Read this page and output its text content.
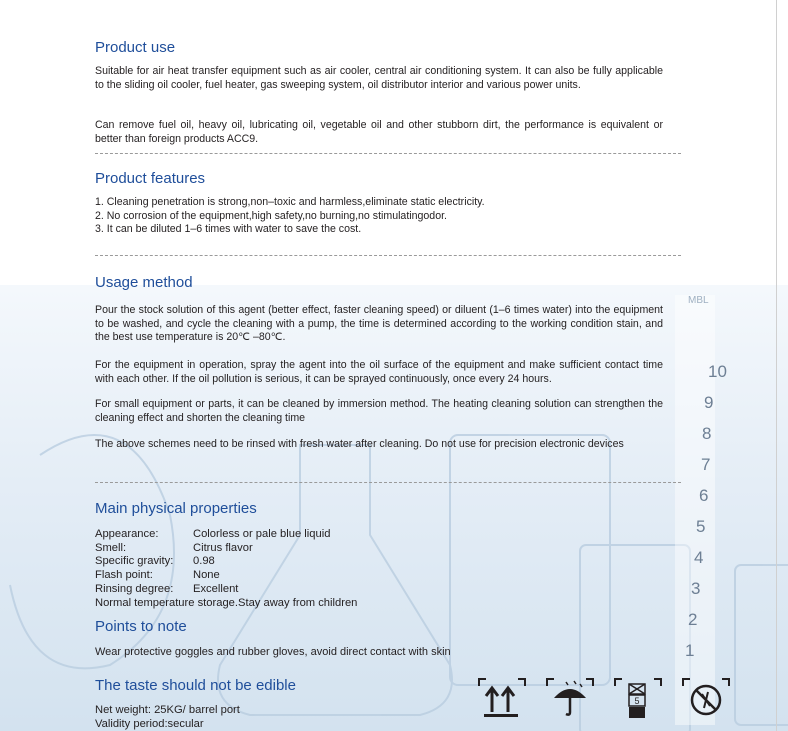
10
9
8
7
6
5
4
3
2
1
MBL
Product use

Suitable for air heat transfer equipment such as air cooler, central air conditioning system. It can also be fully applicable to the sliding oil cooler, fuel heater, gas sweeping system, oil distributor interior and various power units.

Can remove fuel oil, heavy oil, lubricating oil, vegetable oil and other stubborn dirt, the performance is equivalent or better than foreign products ACC9.

Product features
1. Cleaning penetration is strong,non–toxic and harmless,eliminate static electricity.
2. No corrosion of the equipment,high safety,no burning,no stimulatingodor.
3. It can be diluted 1–6 times with water to save the cost.
Usage method

Pour the stock solution of this agent (better effect, faster cleaning speed) or diluent (1–6 times water) into the equipment to be washed, and cycle the cleaning with a pump, the time is determined according to the working condition stain, and the best use temperature is 20℃ –80℃.

For the equipment in operation, spray the agent into the oil surface of the equipment and make sufficient contact time with each other. If the oil pollution is serious, it can be sprayed continuously, once every 24 hours.

For small equipment or parts, it can be cleaned by immersion method. The heating cleaning solution can strengthen the cleaning effect and shorten the cleaning time

The above schemes need to be rinsed with fresh water after cleaning. Do not use for precision electronic devices

Main physical properties
Appearance:	Colorless or pale blue liquid
Smell:	Citrus flavor
Specific gravity:	0.98
Flash point:	None
Rinsing degree:	Excellent
Normal temperature storage.Stay away from children
Points to note

Wear protective goggles and rubber gloves, avoid direct contact with skin

The taste should not be edible
Net weight: 25KG/ barrel port
Validity period:secular
5
